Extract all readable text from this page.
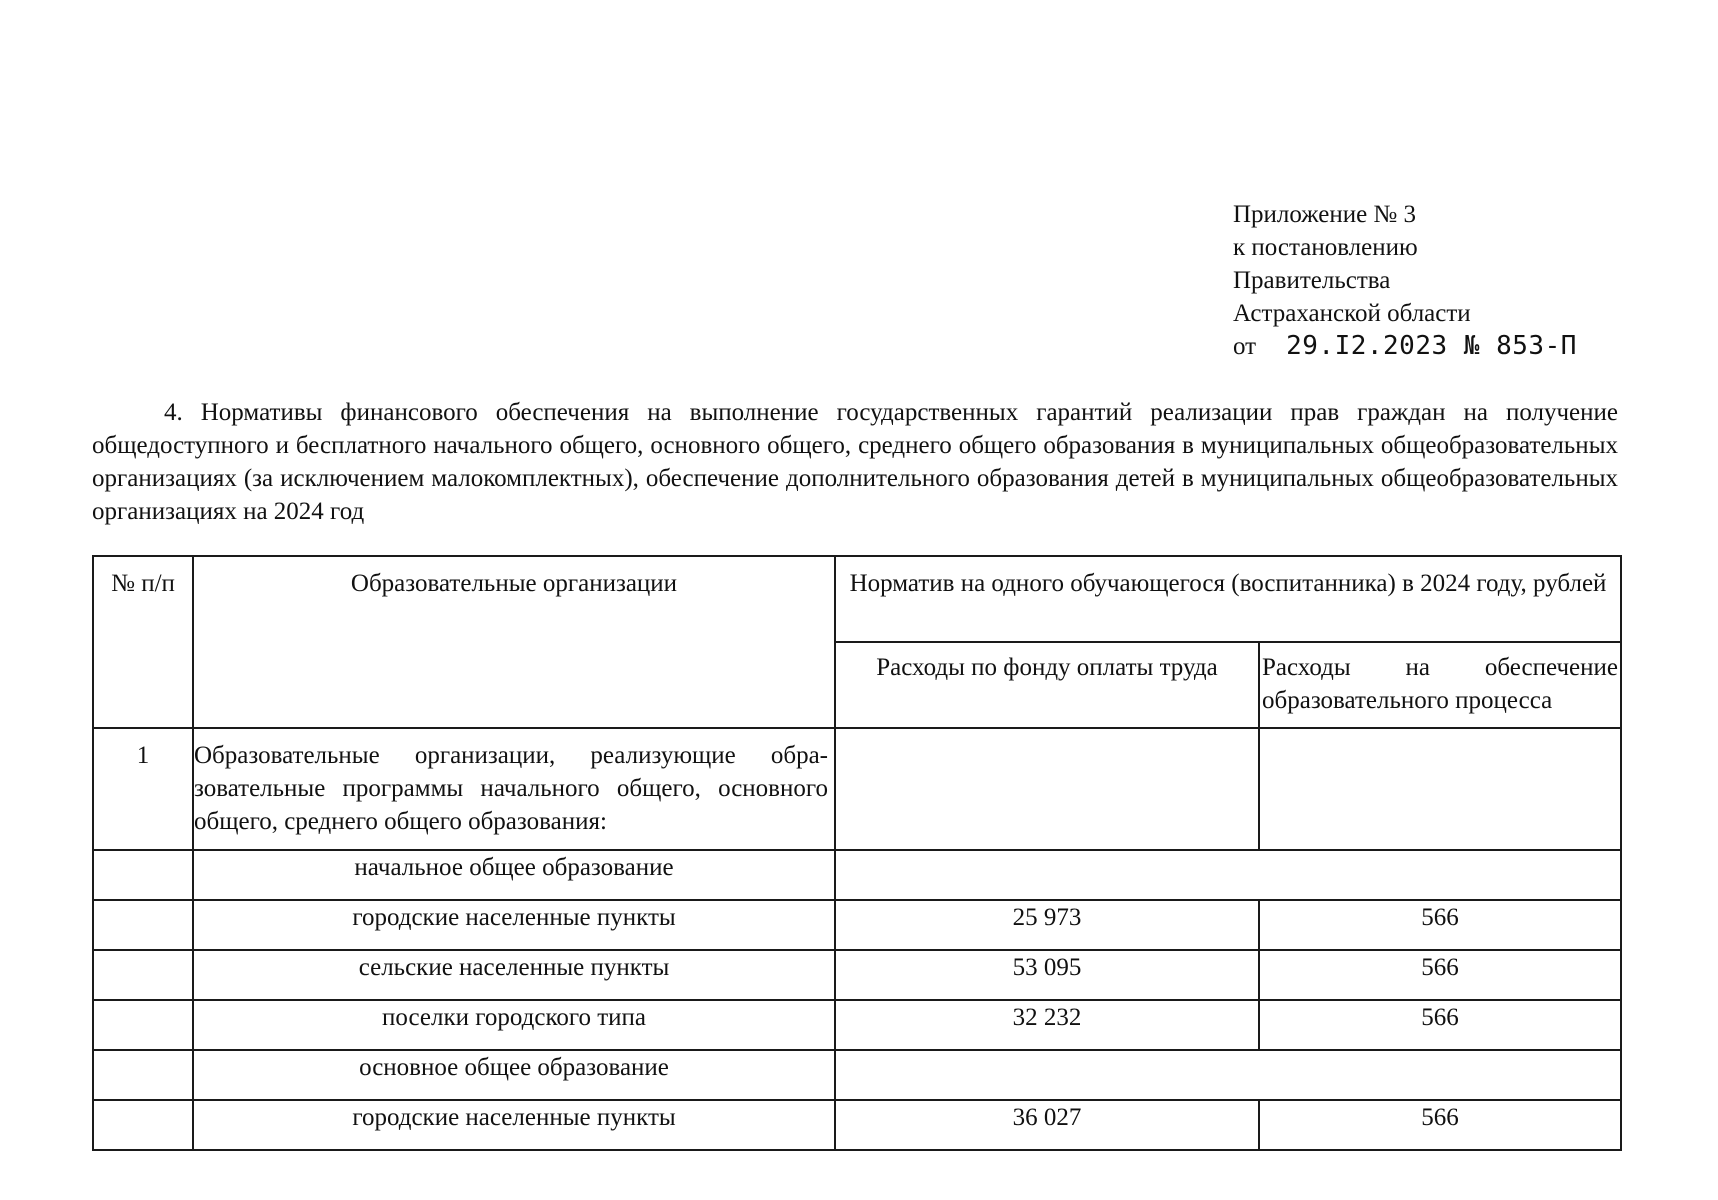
Приложение № 3
к постановлению
Правительства
Астраханской области
от 29.I2.2023 № 853-П
4. Нормативы финансового обеспечения на выполнение государственных гарантий реализации прав граждан на получение общедоступного и бесплатного начального общего, основного общего, среднего общего образования в муниципальных общеобразовательных организациях (за исключением малокомплектных), обеспечение дополнительного образования детей в муниципальных общеобразовательных организациях на 2024 год
№ п/п	Образовательные организации	Норматив на одного обучающегося (воспитанника) в 2024 году, рублей	
		Расходы по фонду оплаты труда	Расходы на обеспечение образовательного процесса

1	Образовательные организации, реализующие образовательные программы начального общего, основного общего, среднего общего образования:		
	начальное общее образование		
	городские населенные пункты	25 973	566
	сельские населенные пункты	53 095	566
	поселки городского типа	32 232	566
	основное общее образование		
	городские населенные пункты	36 027	566
